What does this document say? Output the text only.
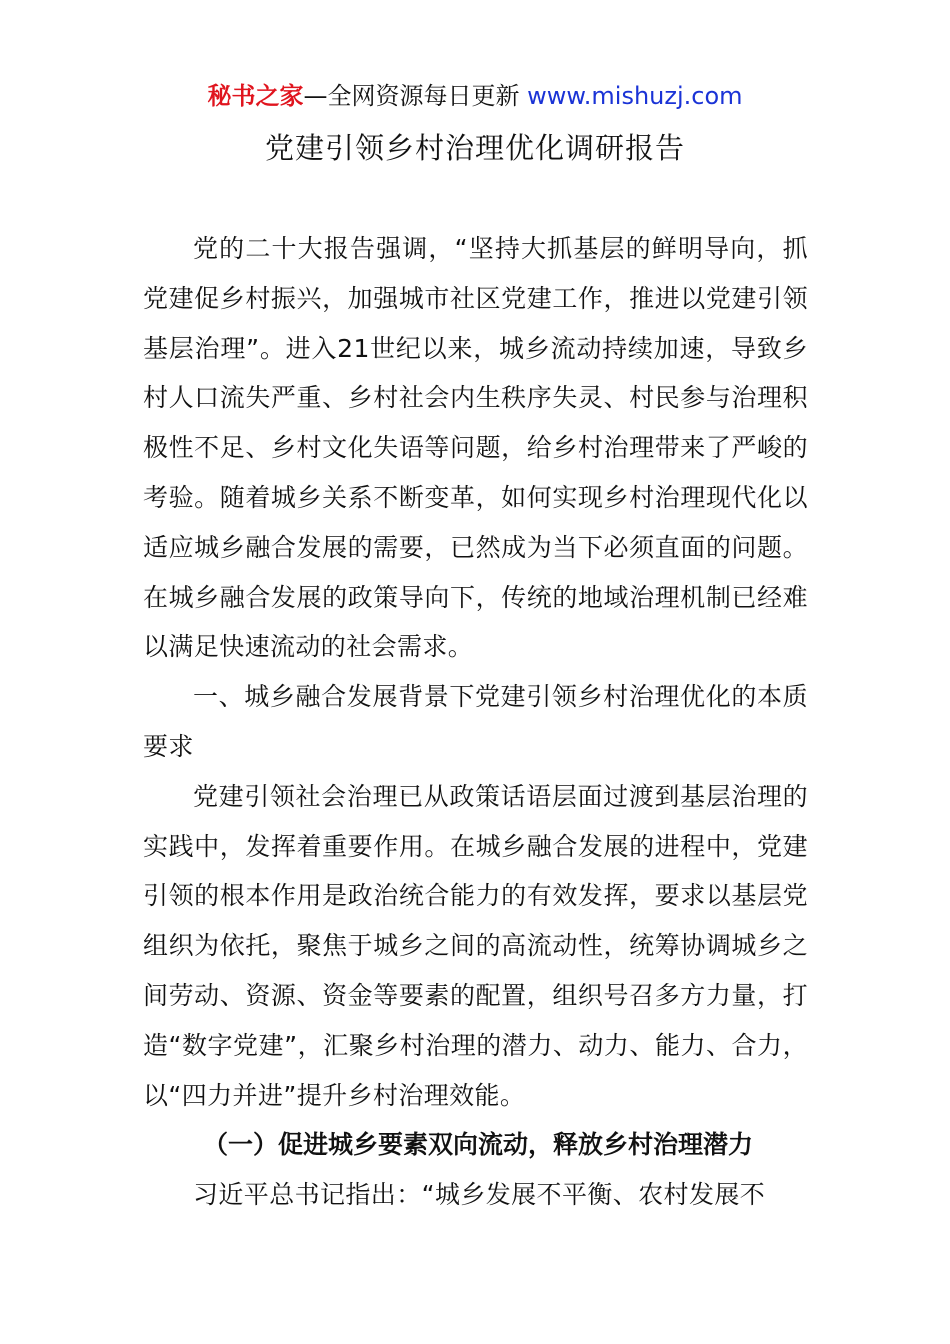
秘书之家—全网资源每日更新 www.mishuzj.com
党建引领乡村治理优化调研报告

党的二十大报告强调，“坚持大抓基层的鲜明导向，抓党建促乡村振兴，加强城市社区党建工作，推进以党建引领基层治理”。进入21世纪以来，城乡流动持续加速，导致乡村人口流失严重、乡村社会内生秩序失灵、村民参与治理积极性不足、乡村文化失语等问题，给乡村治理带来了严峻的考验。随着城乡关系不断变革，如何实现乡村治理现代化以适应城乡融合发展的需要，已然成为当下必须直面的问题。在城乡融合发展的政策导向下，传统的地域治理机制已经难以满足快速流动的社会需求。

一、城乡融合发展背景下党建引领乡村治理优化的本质要求

党建引领社会治理已从政策话语层面过渡到基层治理的实践中，发挥着重要作用。在城乡融合发展的进程中，党建引领的根本作用是政治统合能力的有效发挥，要求以基层党组织为依托，聚焦于城乡之间的高流动性，统筹协调城乡之间劳动、资源、资金等要素的配置，组织号召多方力量，打造“数字党建”，汇聚乡村治理的潜力、动力、能力、合力，以“四力并进”提升乡村治理效能。

（一）促进城乡要素双向流动，释放乡村治理潜力

习近平总书记指出：“城乡发展不平衡、农村发展不
